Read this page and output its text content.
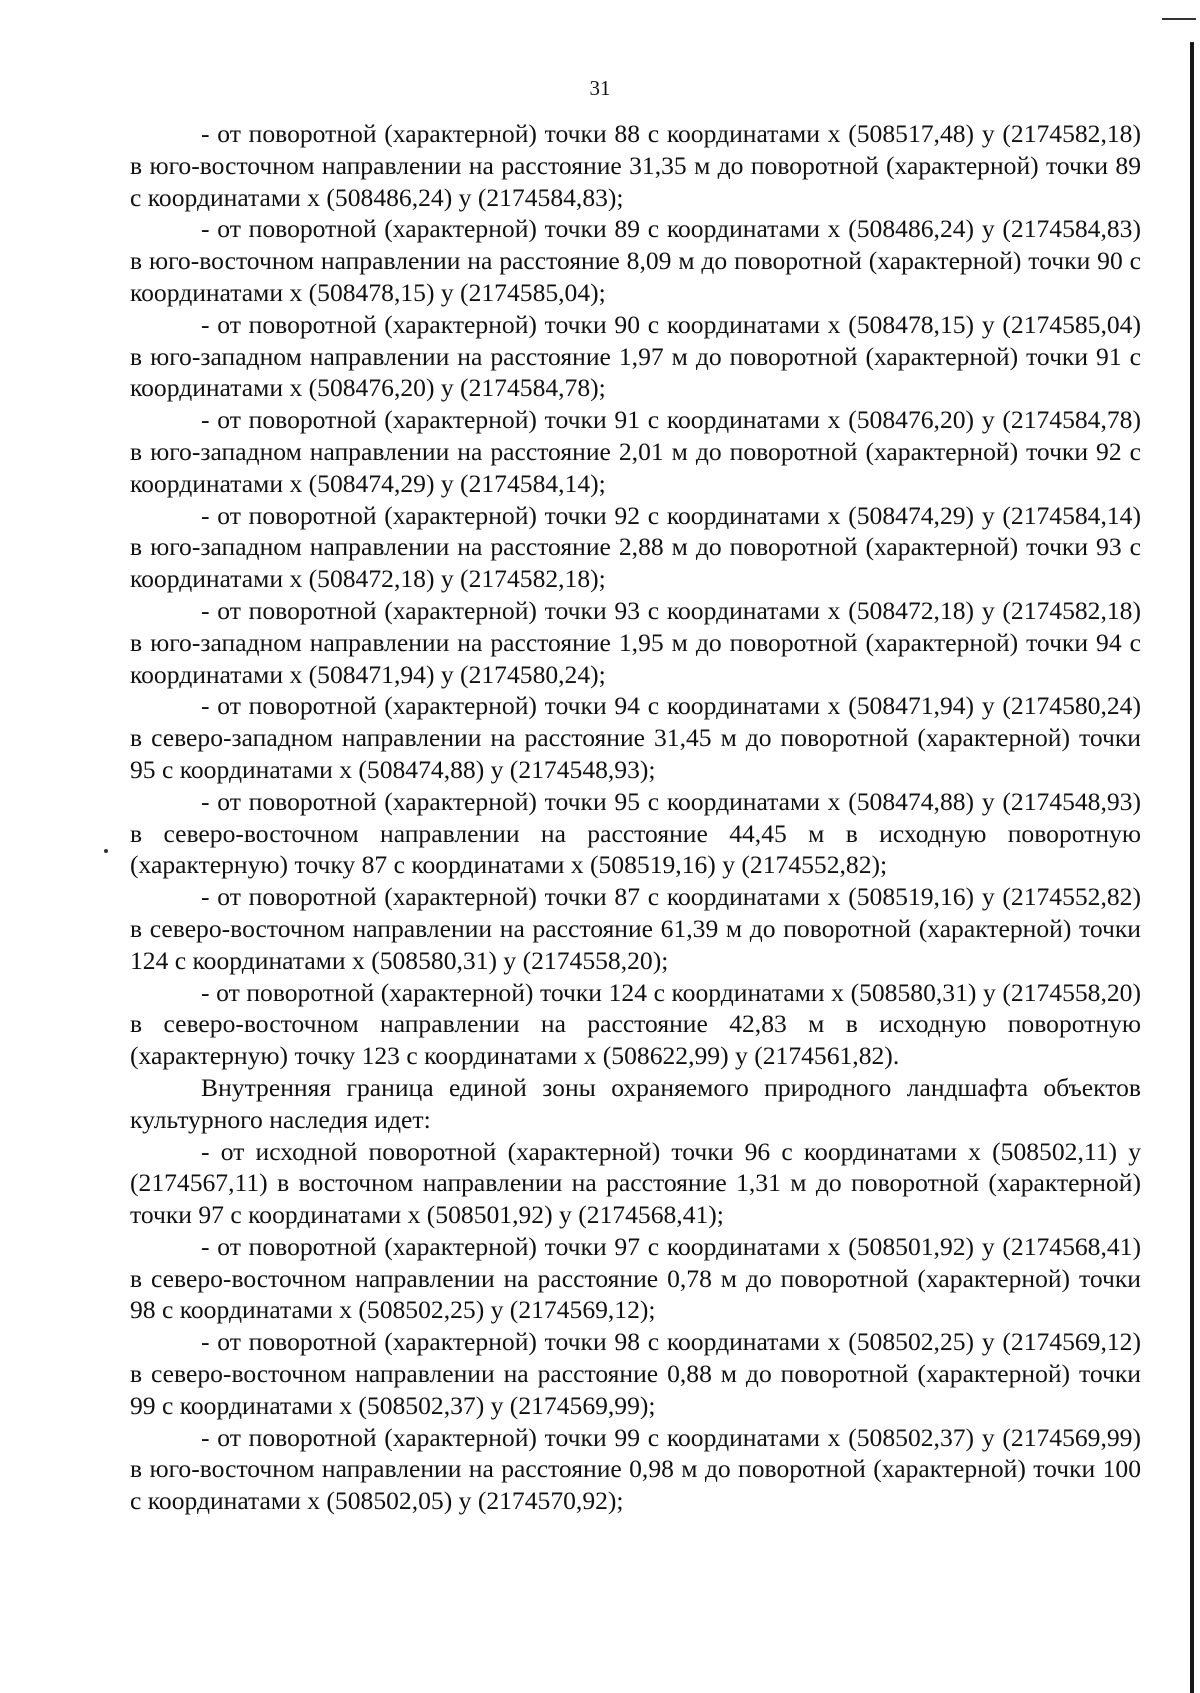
31

- от поворотной (характерной) точки 88 с координатами х (508517,48) у (2174582,18) в юго-восточном направлении на расстояние 31,35 м до поворотной (характерной) точки 89 с координатами х (508486,24) у (2174584,83);

- от поворотной (характерной) точки 89 с координатами х (508486,24) у (2174584,83) в юго-восточном направлении на расстояние 8,09 м до поворотной (характерной) точки 90 с координатами х (508478,15) у (2174585,04);

- от поворотной (характерной) точки 90 с координатами х (508478,15) у (2174585,04) в юго-западном направлении на расстояние 1,97 м до поворотной (характерной) точки 91 с координатами х (508476,20) у (2174584,78);

- от поворотной (характерной) точки 91 с координатами х (508476,20) у (2174584,78) в юго-западном направлении на расстояние 2,01 м до поворотной (характерной) точки 92 с координатами х (508474,29) у (2174584,14);

- от поворотной (характерной) точки 92 с координатами х (508474,29) у (2174584,14) в юго-западном направлении на расстояние 2,88 м до поворотной (характерной) точки 93 с координатами х (508472,18) у (2174582,18);

- от поворотной (характерной) точки 93 с координатами х (508472,18) у (2174582,18) в юго-западном направлении на расстояние 1,95 м до поворотной (характерной) точки 94 с координатами х (508471,94) у (2174580,24);

- от поворотной (характерной) точки 94 с координатами х (508471,94) у (2174580,24) в северо-западном направлении на расстояние 31,45 м до поворотной (характерной) точки 95 с координатами х (508474,88) у (2174548,93);

- от поворотной (характерной) точки 95 с координатами х (508474,88) у (2174548,93) в северо-восточном направлении на расстояние 44,45 м в исходную поворотную (характерную) точку 87 с координатами х (508519,16) у (2174552,82);

- от поворотной (характерной) точки 87 с координатами х (508519,16) у (2174552,82) в северо-восточном направлении на расстояние 61,39 м до поворотной (характерной) точки 124 с координатами х (508580,31) у (2174558,20);

- от поворотной (характерной) точки 124 с координатами х (508580,31) у (2174558,20) в северо-восточном направлении на расстояние 42,83 м в исходную поворотную (характерную) точку 123 с координатами х (508622,99) у (2174561,82).

Внутренняя граница единой зоны охраняемого природного ландшафта объектов культурного наследия идет:

- от исходной поворотной (характерной) точки 96 с координатами х (508502,11) у (2174567,11) в восточном направлении на расстояние 1,31 м до поворотной (характерной) точки 97 с координатами х (508501,92) у (2174568,41);

- от поворотной (характерной) точки 97 с координатами х (508501,92) у (2174568,41) в северо-восточном направлении на расстояние 0,78 м до поворотной (характерной) точки 98 с координатами х (508502,25) у (2174569,12);

- от поворотной (характерной) точки 98 с координатами х (508502,25) у (2174569,12) в северо-восточном направлении на расстояние 0,88 м до поворотной (характерной) точки 99 с координатами х (508502,37) у (2174569,99);

- от поворотной (характерной) точки 99 с координатами х (508502,37) у (2174569,99) в юго-восточном направлении на расстояние 0,98 м до поворотной (характерной) точки 100 с координатами х (508502,05) у (2174570,92);
